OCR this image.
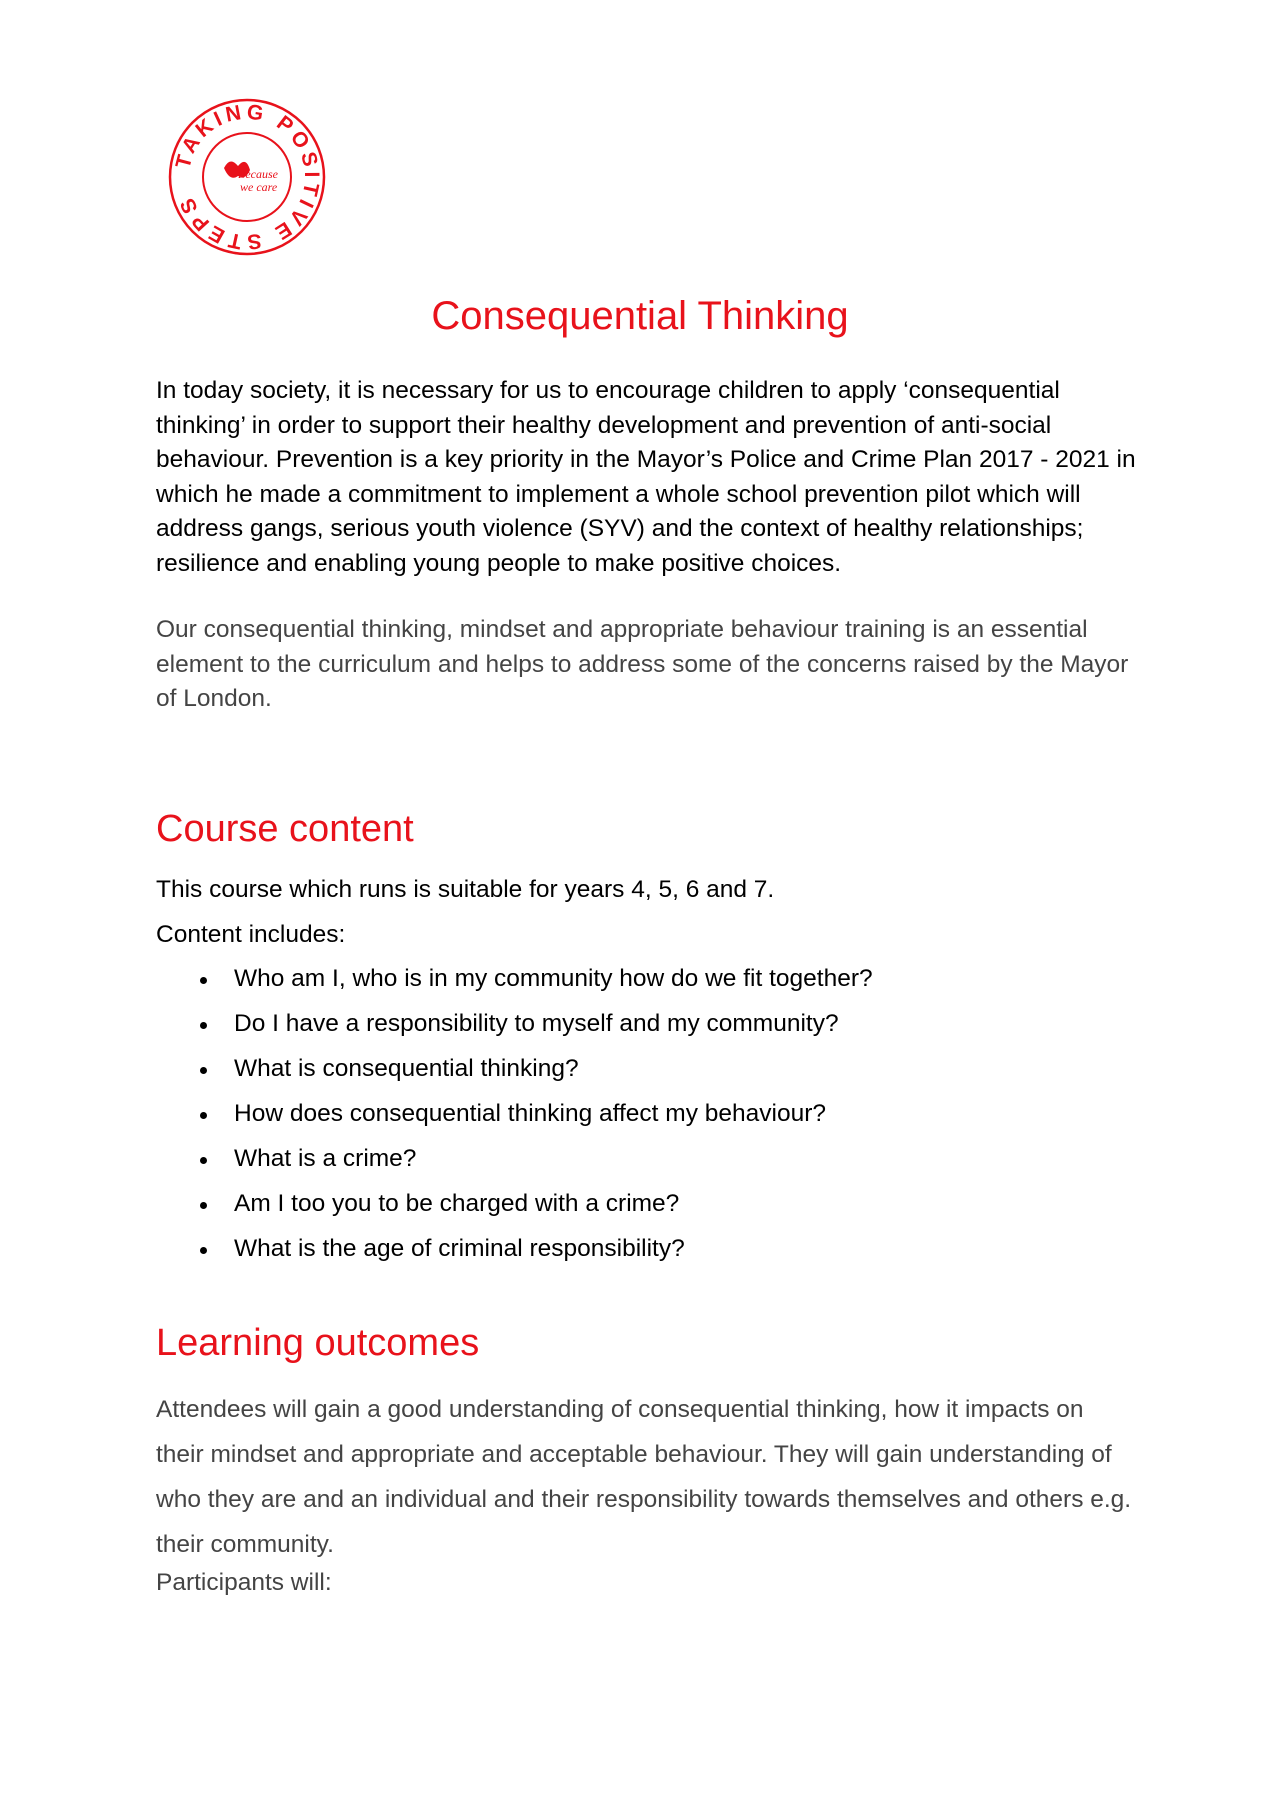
TAKING POSITIVE STEPS
Because
we care
Consequential Thinking

In today society, it is necessary for us to encourage children to apply ‘consequential thinking’ in order to support their healthy development and prevention of anti-social behaviour. Prevention is a key priority in the Mayor’s Police and Crime Plan 2017 - 2021 in which he made a commitment to implement a whole school prevention pilot which will address gangs, serious youth violence (SYV) and the context of healthy relationships; resilience and enabling young people to make positive choices.

Our consequential thinking, mindset and appropriate behaviour training is an essential element to the curriculum and helps to address some of the concerns raised by the Mayor of London.

Course content

This course which runs is suitable for years 4, 5, 6 and 7.

Content includes:

Who am I, who is in my community how do we fit together?
Do I have a responsibility to myself and my community?
What is consequential thinking?
How does consequential thinking affect my behaviour?
What is a crime?
Am I too you to be charged with a crime?
What is the age of criminal responsibility?
Learning outcomes

Attendees will gain a good understanding of consequential thinking, how it impacts on their mindset and appropriate and acceptable behaviour. They will gain understanding of who they are and an individual and their responsibility towards themselves and others e.g. their community.

Participants will:
